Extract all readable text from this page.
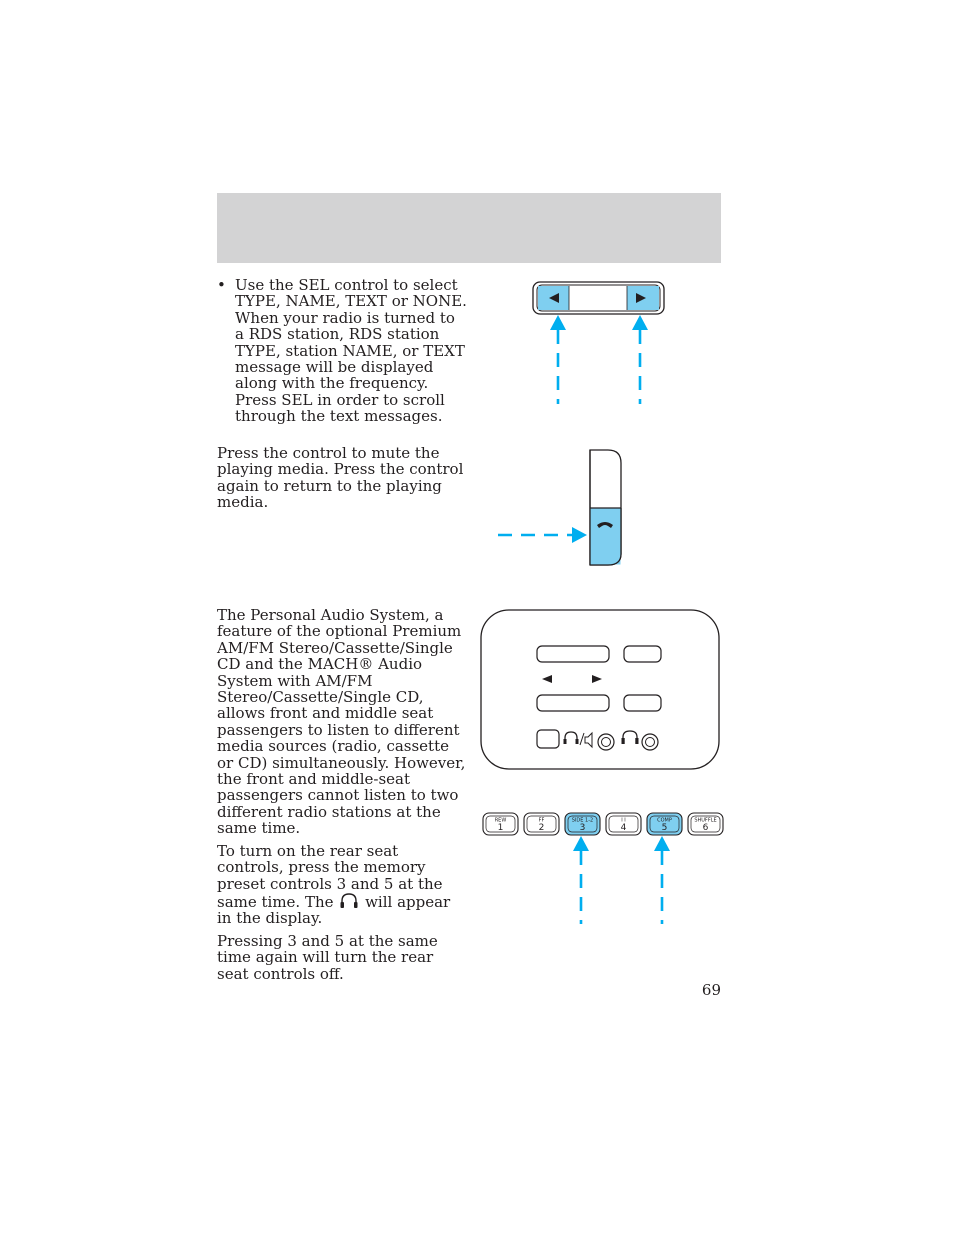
• Use the SEL control to select TYPE, NAME, TEXT or NONE. When your radio is turned to a RDS station, RDS station TYPE, station NAME, or TEXT message will be displayed along with the frequency. Press SEL in order to scroll through the text messages.
Press the control to mute the playing media. Press the control again to return to the playing media.

The Personal Audio System, a feature of the optional Premium AM/FM Stereo/Cassette/Single CD and the MACH® Audio System with AM/FM Stereo/Cassette/Single CD, allows front and middle seat passengers to listen to different media sources (radio, cassette or CD) simultaneously. However, the front and middle-seat passengers cannot listen to two different radio stations at the same time.

To turn on the rear seat controls, press the memory preset controls 3 and 5 at the same time. The will appear in the display.

Pressing 3 and 5 at the same time again will turn the rear seat controls off.

REW
1
FF
2
SIDE 1-2
3
I I
4
COMP
5
SHUFFLE
6
69
